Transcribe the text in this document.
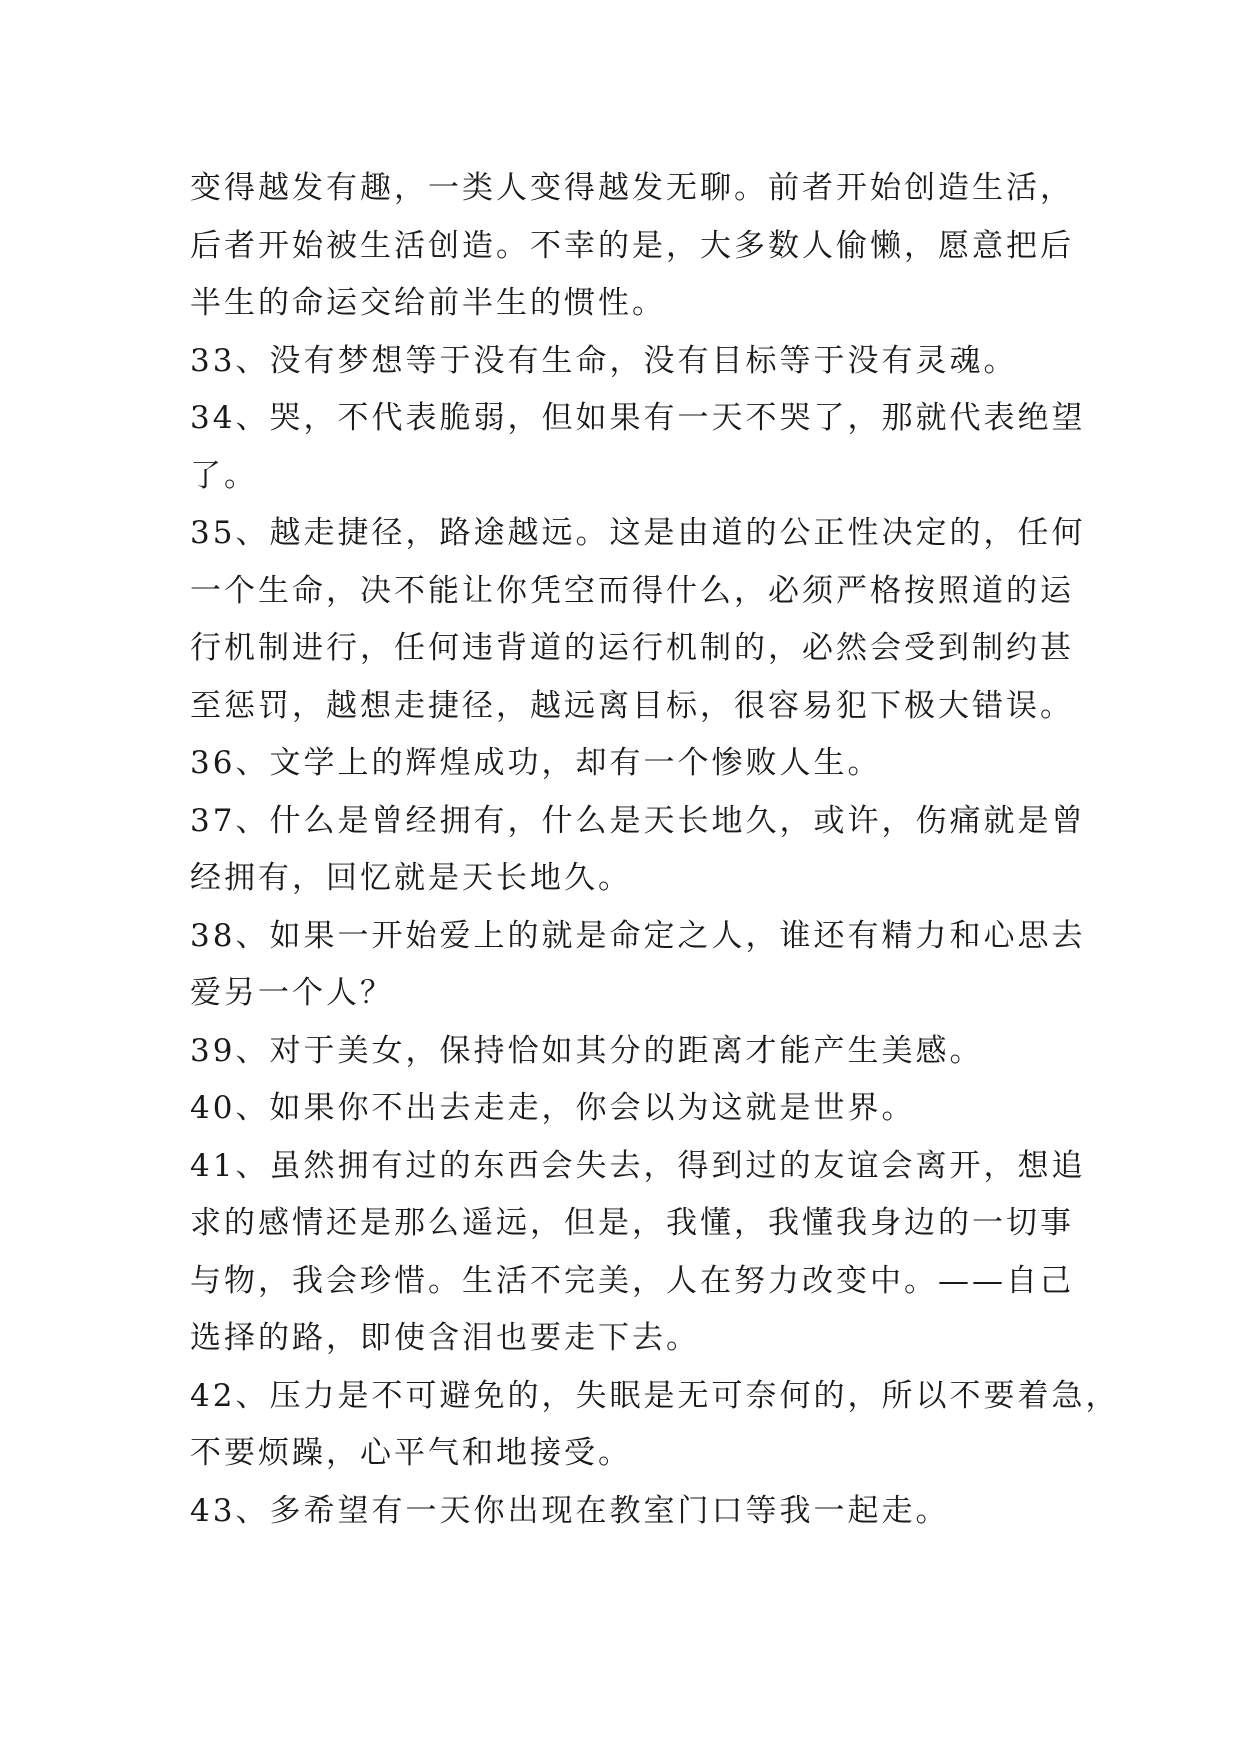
变得越发有趣，一类人变得越发无聊。前者开始创造生活，
后者开始被生活创造。不幸的是，大多数人偷懒，愿意把后
半生的命运交给前半生的惯性。
33、没有梦想等于没有生命，没有目标等于没有灵魂。
34、哭，不代表脆弱，但如果有一天不哭了，那就代表绝望
了。
35、越走捷径，路途越远。这是由道的公正性决定的，任何
一个生命，决不能让你凭空而得什么，必须严格按照道的运
行机制进行，任何违背道的运行机制的，必然会受到制约甚
至惩罚，越想走捷径，越远离目标，很容易犯下极大错误。
36、文学上的辉煌成功，却有一个惨败人生。
37、什么是曾经拥有，什么是天长地久，或许，伤痛就是曾
经拥有，回忆就是天长地久。
38、如果一开始爱上的就是命定之人，谁还有精力和心思去
爱另一个人？
39、对于美女，保持恰如其分的距离才能产生美感。
40、如果你不出去走走，你会以为这就是世界。
41、虽然拥有过的东西会失去，得到过的友谊会离开，想追
求的感情还是那么遥远，但是，我懂，我懂我身边的一切事
与物，我会珍惜。生活不完美，人在努力改变中。——自己
选择的路，即使含泪也要走下去。
42、压力是不可避免的，失眠是无可奈何的，所以不要着急，
不要烦躁，心平气和地接受。
43、多希望有一天你出现在教室门口等我一起走。
